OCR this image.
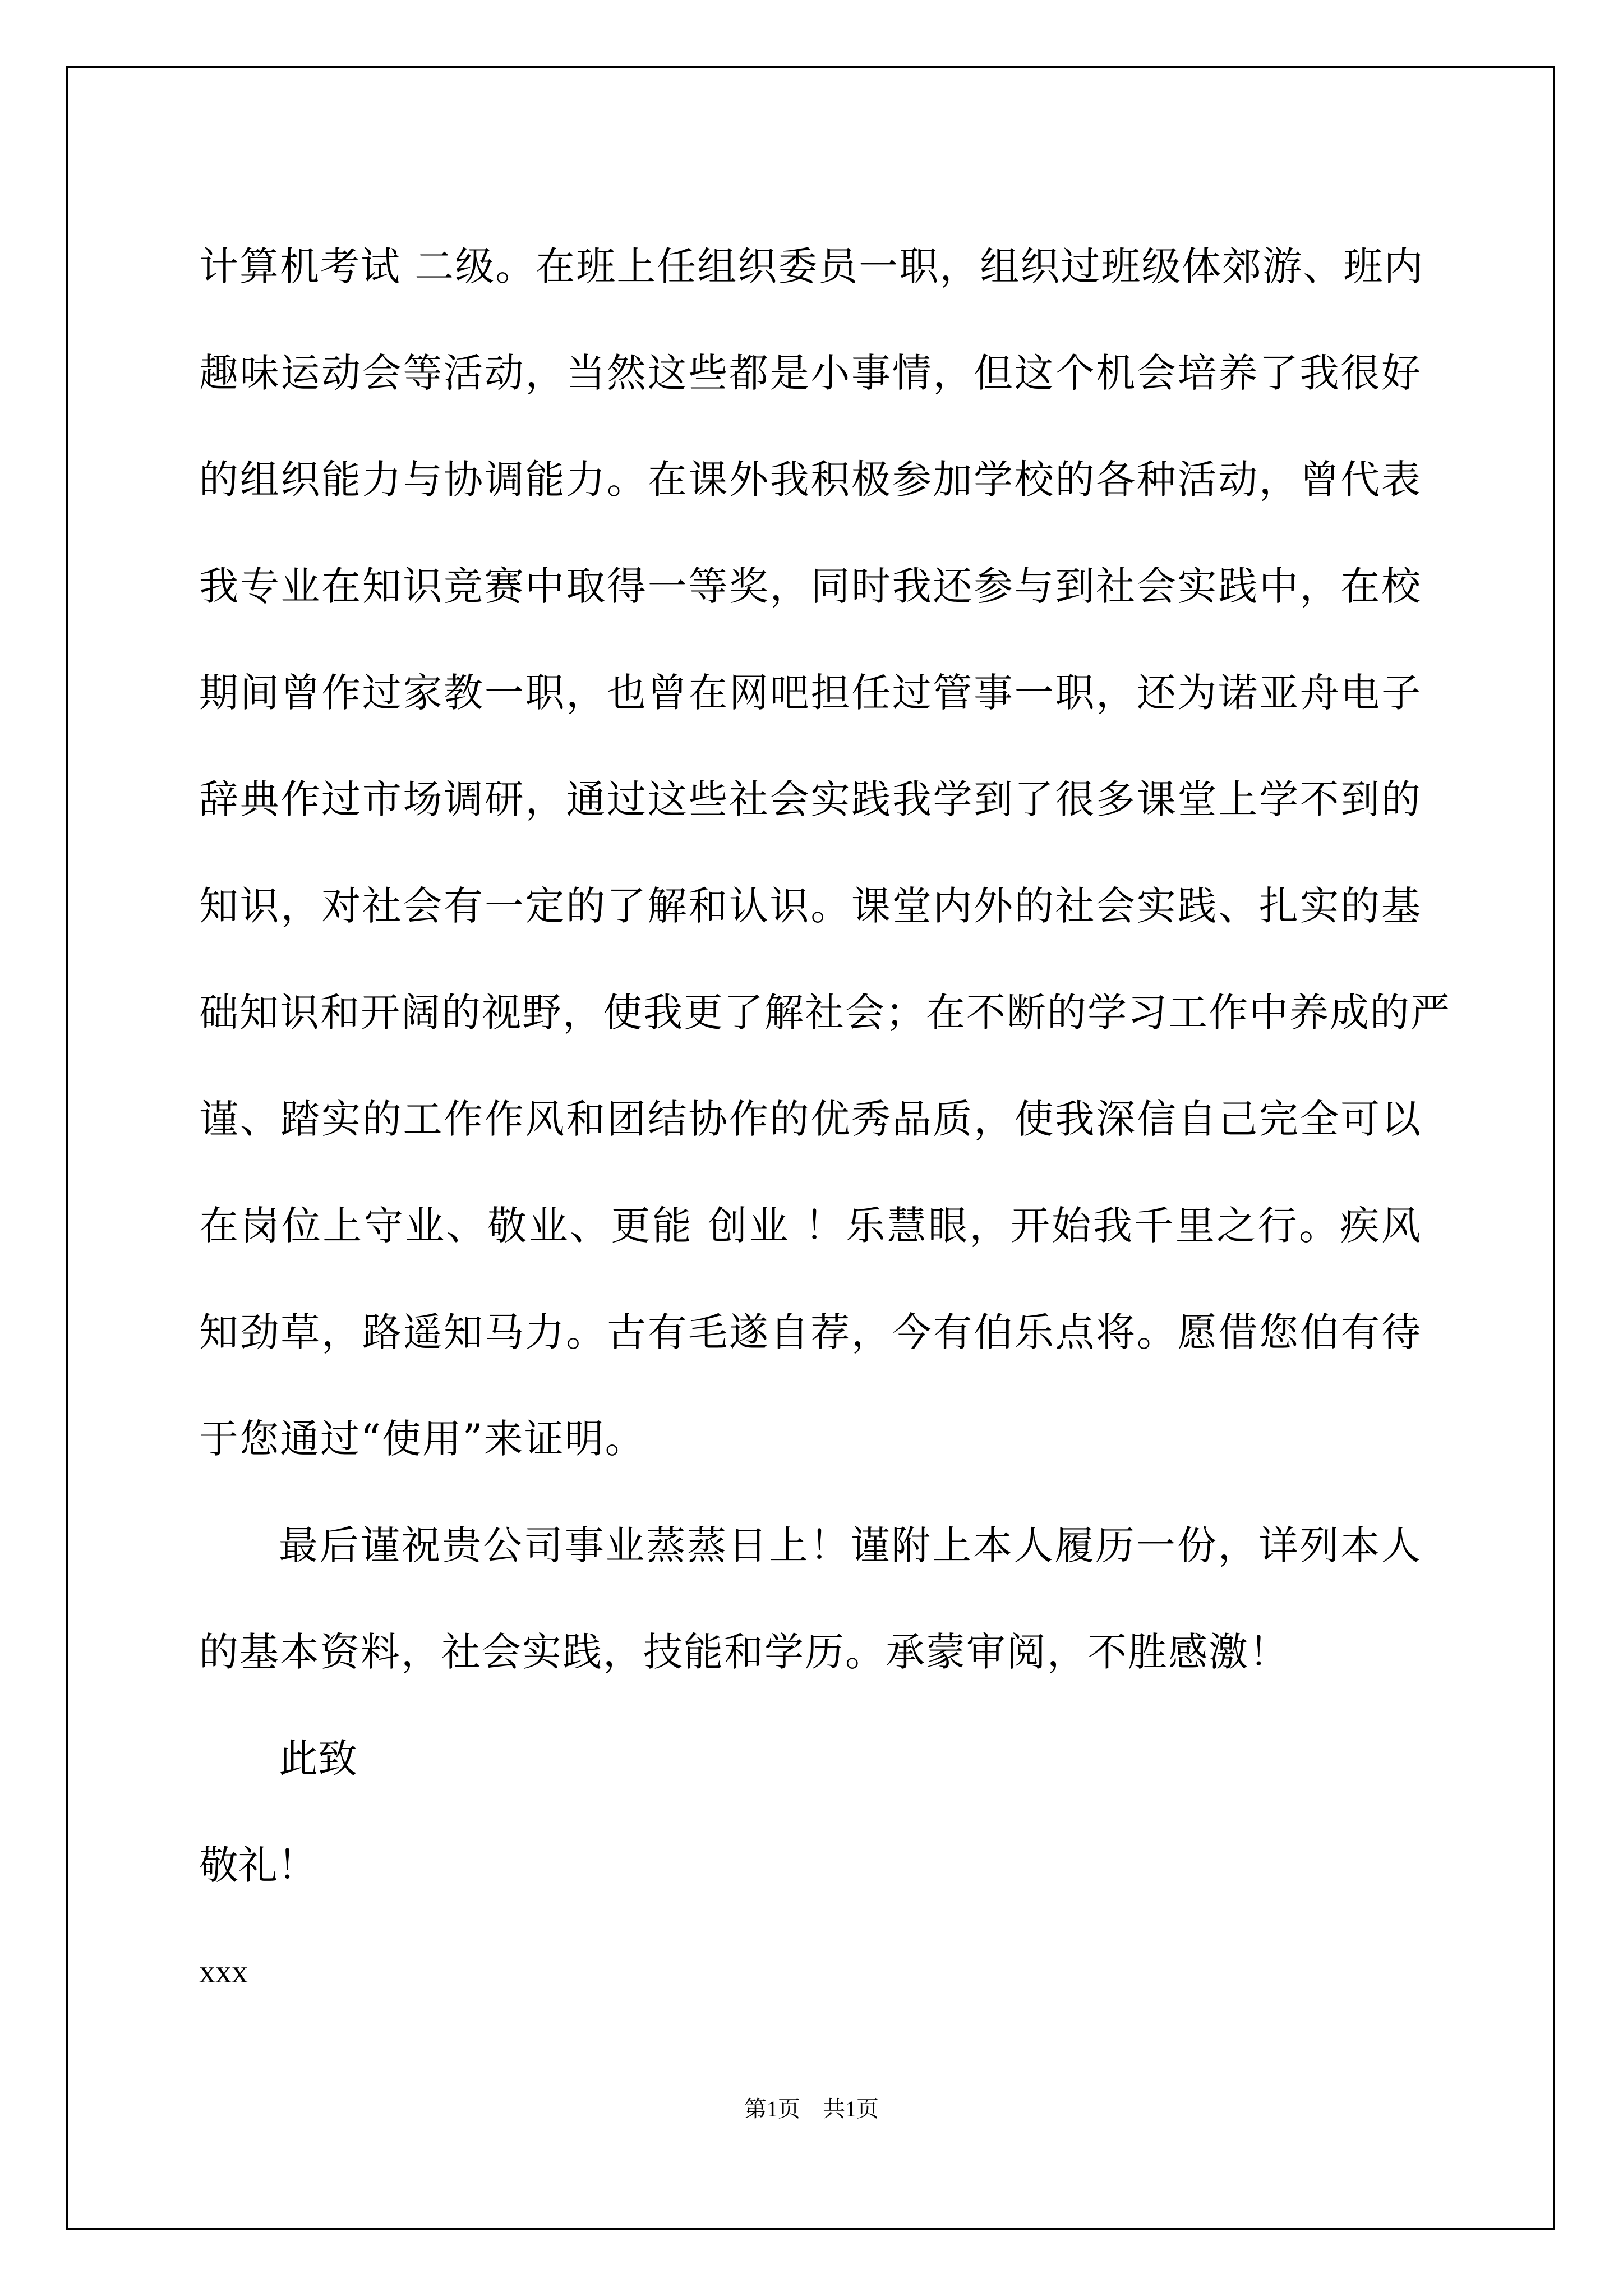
计算机考试 二级。在班上任组织委员一职，组织过班级体郊游、班内
趣味运动会等活动，当然这些都是小事情，但这个机会培养了我很好
的组织能力与协调能力。在课外我积极参加学校的各种活动，曾代表
我专业在知识竞赛中取得一等奖，同时我还参与到社会实践中，在校
期间曾作过家教一职，也曾在网吧担任过管事一职，还为诺亚舟电子
辞典作过市场调研，通过这些社会实践我学到了很多课堂上学不到的
知识，对社会有一定的了解和认识。课堂内外的社会实践、扎实的基
础知识和开阔的视野，使我更了解社会；在不断的学习工作中养成的严
谨、踏实的工作作风和团结协作的优秀品质，使我深信自己完全可以
在岗位上守业、敬业、更能 创业 ！乐慧眼，开始我千里之行。疾风
知劲草，路遥知马力。古有毛遂自荐，今有伯乐点将。愿借您伯有待
于您通过“使用”来证明。
最后谨祝贵公司事业蒸蒸日上！谨附上本人履历一份，详列本人
的基本资料，社会实践，技能和学历。承蒙审阅，不胜感激！

此致

敬礼！

xxx

第1页　共1页
